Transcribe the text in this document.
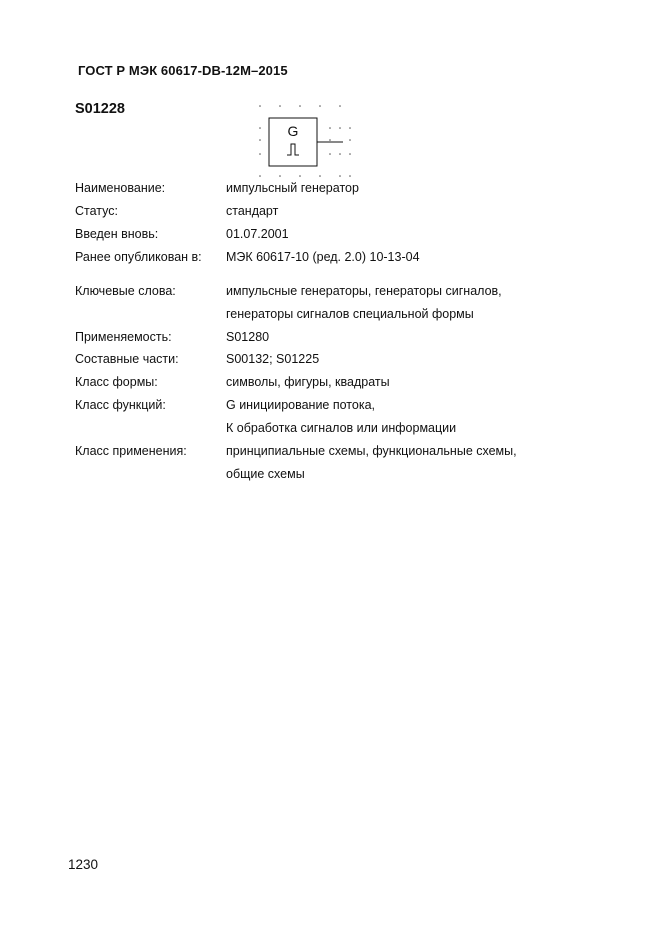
ГОСТ Р МЭК 60617-DB-12M–2015
S01228
G
Наименование:	импульсный генератор
Статус:	стандарт
Введен вновь:	01.07.2001
Ранее опубликован в: МЭК 60617-10 (ред. 2.0) 10-13-04
Ключевые слова:	импульсные генераторы, генераторы сигналов,
генераторы сигналов специальной формы
Применяемость:	S01280
Составные части:	S00132; S01225
Класс формы:	символы, фигуры, квадраты
Класс функций:	G инициирование потока,
К обработка сигналов или информации
Класс применения:	принципиальные схемы, функциональные схемы,
общие схемы
1230
